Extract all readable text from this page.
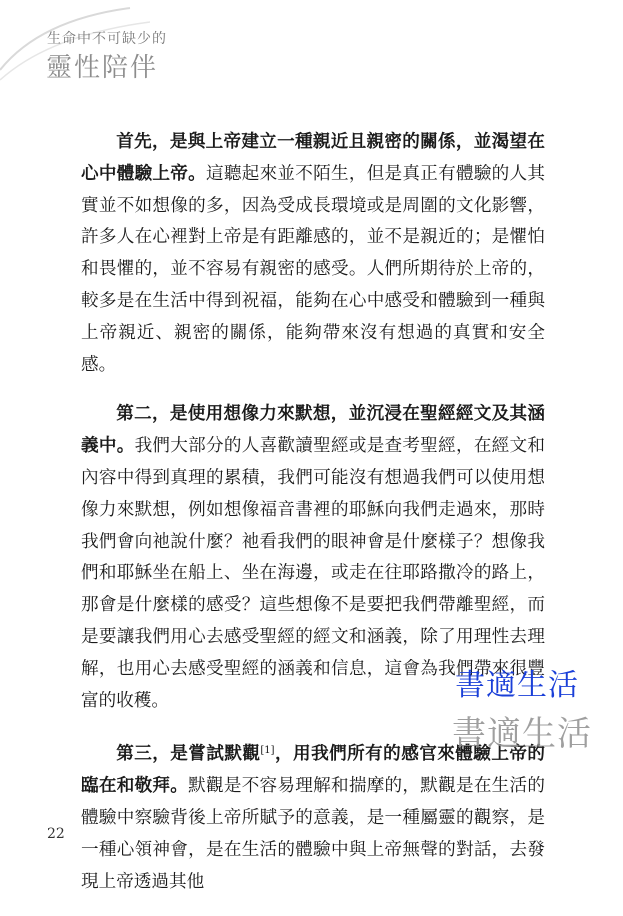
生命中不可缺少的
靈性陪伴

首先，是與上帝建立一種親近且親密的關係，並渴望在心中體驗上帝。這聽起來並不陌生，但是真正有體驗的人其實並不如想像的多，因為受成長環境或是周圍的文化影響，許多人在心裡對上帝是有距離感的，並不是親近的；是懼怕和畏懼的，並不容易有親密的感受。人們所期待於上帝的，較多是在生活中得到祝福，能夠在心中感受和體驗到一種與上帝親近、親密的關係，能夠帶來沒有想過的真實和安全感。

第二，是使用想像力來默想，並沉浸在聖經經文及其涵義中。我們大部分的人喜歡讀聖經或是查考聖經，在經文和內容中得到真理的累積，我們可能沒有想過我們可以使用想像力來默想，例如想像福音書裡的耶穌向我們走過來，那時我們會向祂說什麼？祂看我們的眼神會是什麼樣子？想像我們和耶穌坐在船上、坐在海邊，或走在往耶路撒冷的路上，那會是什麼樣的感受？這些想像不是要把我們帶離聖經，而是要讓我們用心去感受聖經的經文和涵義，除了用理性去理解，也用心去感受聖經的涵義和信息，這會為我們帶來很豐富的收穫。

第三，是嘗試默觀[1]，用我們所有的感官來體驗上帝的臨在和敬拜。默觀是不容易理解和揣摩的，默觀是在生活的體驗中察驗背後上帝所賦予的意義，是一種屬靈的觀察，是一種心領神會，是在生活的體驗中與上帝無聲的對話，去發現上帝透過其他

書適生活
書適生活
22
